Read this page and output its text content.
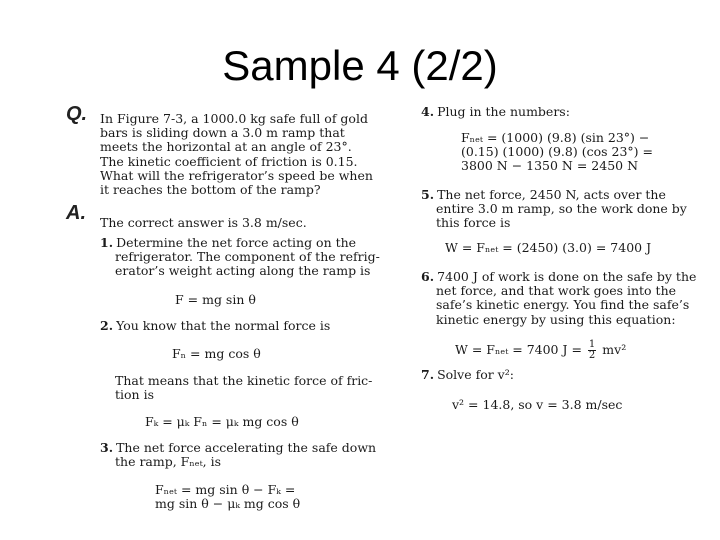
Sample 4 (2/2)
Q. In Figure 7-3, a 1000.0 kg safe full of gold
bars is sliding down a 3.0 m ramp that
meets the horizontal at an angle of 23°.
The kinetic coefficient of friction is 0.15.
What will the refrigerator’s speed be when
it reaches the bottom of the ramp?
A. The correct answer is 3.8 m/sec.
1. Determine the net force acting on the
refrigerator. The component of the refrig-
erator’s weight acting along the ramp is
F = mg sin θ
2. You know that the normal force is
Fₙ = mg cos θ
That means that the kinetic force of fric-
tion is
Fₖ = μₖ Fₙ = μₖ mg cos θ
3. The net force accelerating the safe down
the ramp, Fₙₑₜ, is
Fₙₑₜ = mg sin θ − Fₖ =
mg sin θ − μₖ mg cos θ
4. Plug in the numbers:
Fₙₑₜ = (1000) (9.8) (sin 23°) −
(0.15) (1000) (9.8) (cos 23°) =
3800 N − 1350 N = 2450 N
5. The net force, 2450 N, acts over the
entire 3.0 m ramp, so the work done by
this force is
W = Fₙₑₜ = (2450) (3.0) = 7400 J
6. 7400 J of work is done on the safe by the
net force, and that work goes into the
safe’s kinetic energy. You find the safe’s
kinetic energy by using this equation:
W = Fₙₑₜ = 7400 $J = \frac{1}{2} mv^2$
7. Solve for v²:
v² = 14.8, so v = 3.8 m/sec
